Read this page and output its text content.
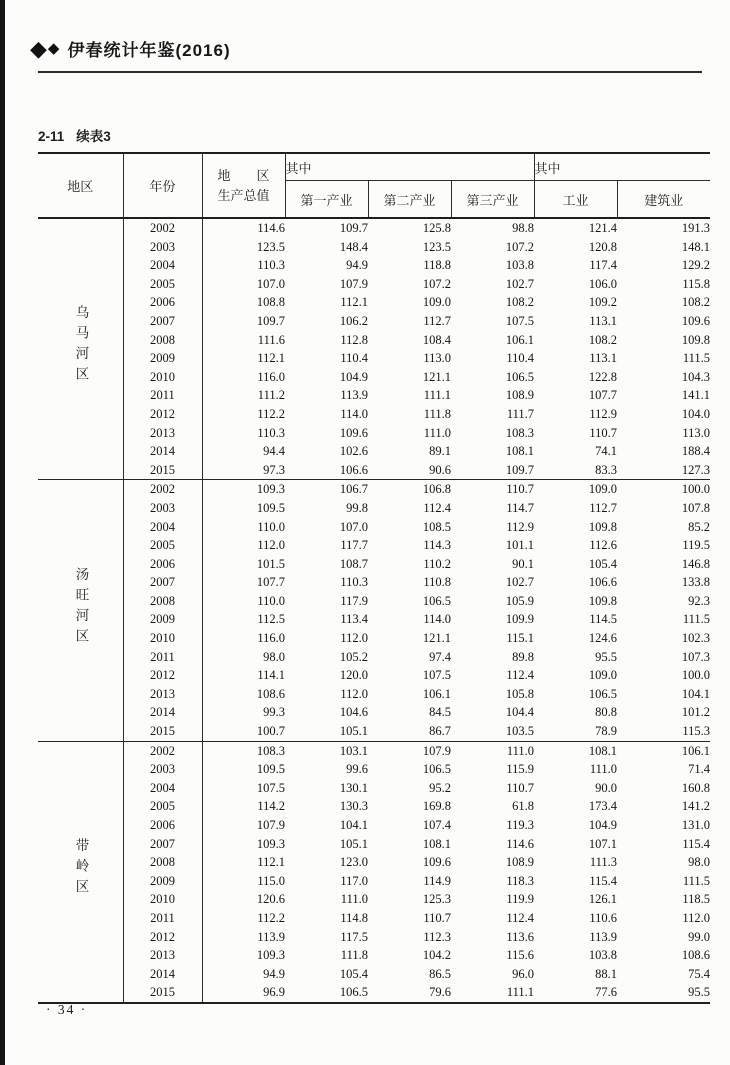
◆ ◆ 伊春统计年鉴(2016)
2-11 续表3
地区	年份	地　　区
生产总值	其中			其中	
			第一产业	第二产业	第三产业	工业	建筑业
乌马河区	2002	114.6	109.7	125.8	98.8	121.4	191.3
	2003	123.5	148.4	123.5	107.2	120.8	148.1
	2004	110.3	94.9	118.8	103.8	117.4	129.2
	2005	107.0	107.9	107.2	102.7	106.0	115.8
	2006	108.8	112.1	109.0	108.2	109.2	108.2
	2007	109.7	106.2	112.7	107.5	113.1	109.6
	2008	111.6	112.8	108.4	106.1	108.2	109.8
	2009	112.1	110.4	113.0	110.4	113.1	111.5
	2010	116.0	104.9	121.1	106.5	122.8	104.3
	2011	111.2	113.9	111.1	108.9	107.7	141.1
	2012	112.2	114.0	111.8	111.7	112.9	104.0
	2013	110.3	109.6	111.0	108.3	110.7	113.0
	2014	94.4	102.6	89.1	108.1	74.1	188.4
	2015	97.3	106.6	90.6	109.7	83.3	127.3
汤旺河区	2002	109.3	106.7	106.8	110.7	109.0	100.0
	2003	109.5	99.8	112.4	114.7	112.7	107.8
	2004	110.0	107.0	108.5	112.9	109.8	85.2
	2005	112.0	117.7	114.3	101.1	112.6	119.5
	2006	101.5	108.7	110.2	90.1	105.4	146.8
	2007	107.7	110.3	110.8	102.7	106.6	133.8
	2008	110.0	117.9	106.5	105.9	109.8	92.3
	2009	112.5	113.4	114.0	109.9	114.5	111.5
	2010	116.0	112.0	121.1	115.1	124.6	102.3
	2011	98.0	105.2	97.4	89.8	95.5	107.3
	2012	114.1	120.0	107.5	112.4	109.0	100.0
	2013	108.6	112.0	106.1	105.8	106.5	104.1
	2014	99.3	104.6	84.5	104.4	80.8	101.2
	2015	100.7	105.1	86.7	103.5	78.9	115.3
带岭区	2002	108.3	103.1	107.9	111.0	108.1	106.1
	2003	109.5	99.6	106.5	115.9	111.0	71.4
	2004	107.5	130.1	95.2	110.7	90.0	160.8
	2005	114.2	130.3	169.8	61.8	173.4	141.2
	2006	107.9	104.1	107.4	119.3	104.9	131.0
	2007	109.3	105.1	108.1	114.6	107.1	115.4
	2008	112.1	123.0	109.6	108.9	111.3	98.0
	2009	115.0	117.0	114.9	118.3	115.4	111.5
	2010	120.6	111.0	125.3	119.9	126.1	118.5
	2011	112.2	114.8	110.7	112.4	110.6	112.0
	2012	113.9	117.5	112.3	113.6	113.9	99.0
	2013	109.3	111.8	104.2	115.6	103.8	108.6
	2014	94.9	105.4	86.5	96.0	88.1	75.4
	2015	96.9	106.5	79.6	111.1	77.6	95.5
· 34 ·
